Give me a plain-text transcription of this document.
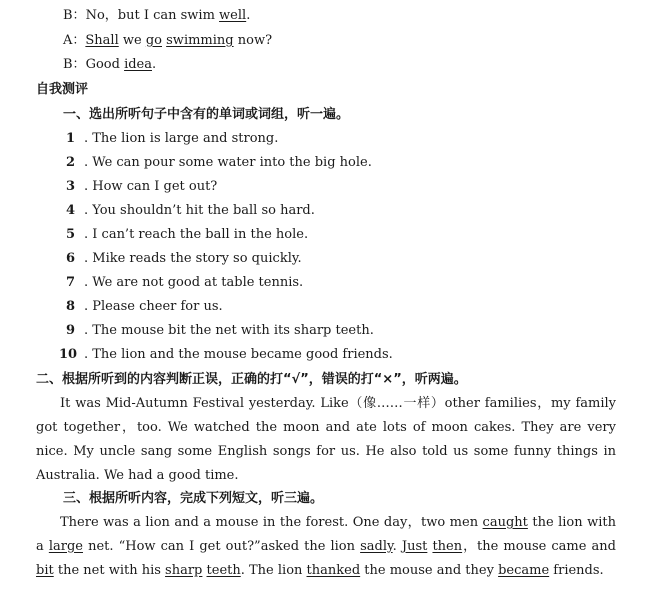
B：No，but I can swim well.
A：Shall we go swimming now?
B：Good idea.
自我测评
一、选出所听句子中含有的单词或词组，听一遍。
1 . The lion is large and strong.
2 . We can pour some water into the big hole.
3 . How can I get out?
4 . You shouldn’t hit the ball so hard.
5 . I can’t reach the ball in the hole.
6 . Mike reads the story so quickly.
7 . We are not good at table tennis.
8 . Please cheer for us.
9 . The mouse bit the net with its sharp teeth.
10 . The lion and the mouse became good friends.
二、根据所听到的内容判断正误，正确的打“√”，错误的打“×”，听两遍。
It was Mid-Autumn Festival yesterday. Like（像……一样）other families，my family got together，too. We watched the moon and ate lots of moon cakes. They are very nice. My uncle sang some English songs for us. He also told us some funny things in Australia. We had a good time.
三、根据所听内容，完成下列短文，听三遍。
There was a lion and a mouse in the forest. One day，two men caught the lion with a large net. “How can I get out?”asked the lion sadly. Just then，the mouse came and bit the net with his sharp teeth. The lion thanked the mouse and they became friends.
